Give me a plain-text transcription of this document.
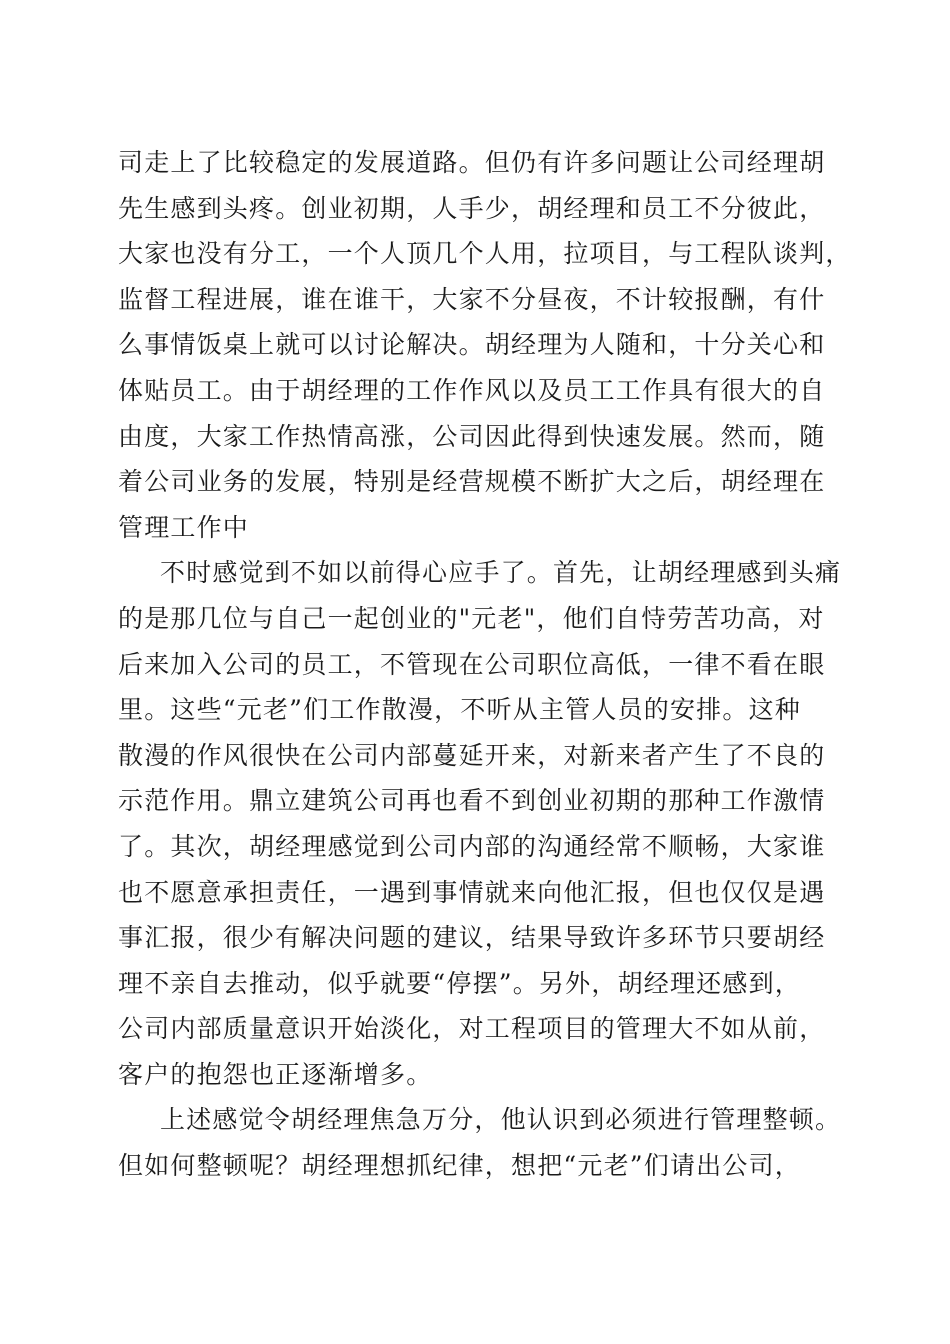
司走上了比较稳定的发展道路。但仍有许多问题让公司经理胡
先生感到头疼。创业初期，人手少，胡经理和员工不分彼此，
大家也没有分工，一个人顶几个人用，拉项目，与工程队谈判，
监督工程进展，谁在谁干，大家不分昼夜，不计较报酬，有什
么事情饭桌上就可以讨论解决。胡经理为人随和，十分关心和
体贴员工。由于胡经理的工作作风以及员工工作具有很大的自
由度，大家工作热情高涨，公司因此得到快速发展。然而，随
着公司业务的发展，特别是经营规模不断扩大之后，胡经理在
管理工作中
不时感觉到不如以前得心应手了。首先，让胡经理感到头痛
的是那几位与自己一起创业的"元老"，他们自恃劳苦功高，对
后来加入公司的员工，不管现在公司职位高低，一律不看在眼
里。这些“元老”们工作散漫，不听从主管人员的安排。这种
散漫的作风很快在公司内部蔓延开来，对新来者产生了不良的
示范作用。鼎立建筑公司再也看不到创业初期的那种工作激情
了。其次，胡经理感觉到公司内部的沟通经常不顺畅，大家谁
也不愿意承担责任，一遇到事情就来向他汇报，但也仅仅是遇
事汇报，很少有解决问题的建议，结果导致许多环节只要胡经
理不亲自去推动，似乎就要“停摆”。另外，胡经理还感到，
公司内部质量意识开始淡化，对工程项目的管理大不如从前，
客户的抱怨也正逐渐增多。
上述感觉令胡经理焦急万分，他认识到必须进行管理整顿。
但如何整顿呢？胡经理想抓纪律，想把“元老”们请出公司，
